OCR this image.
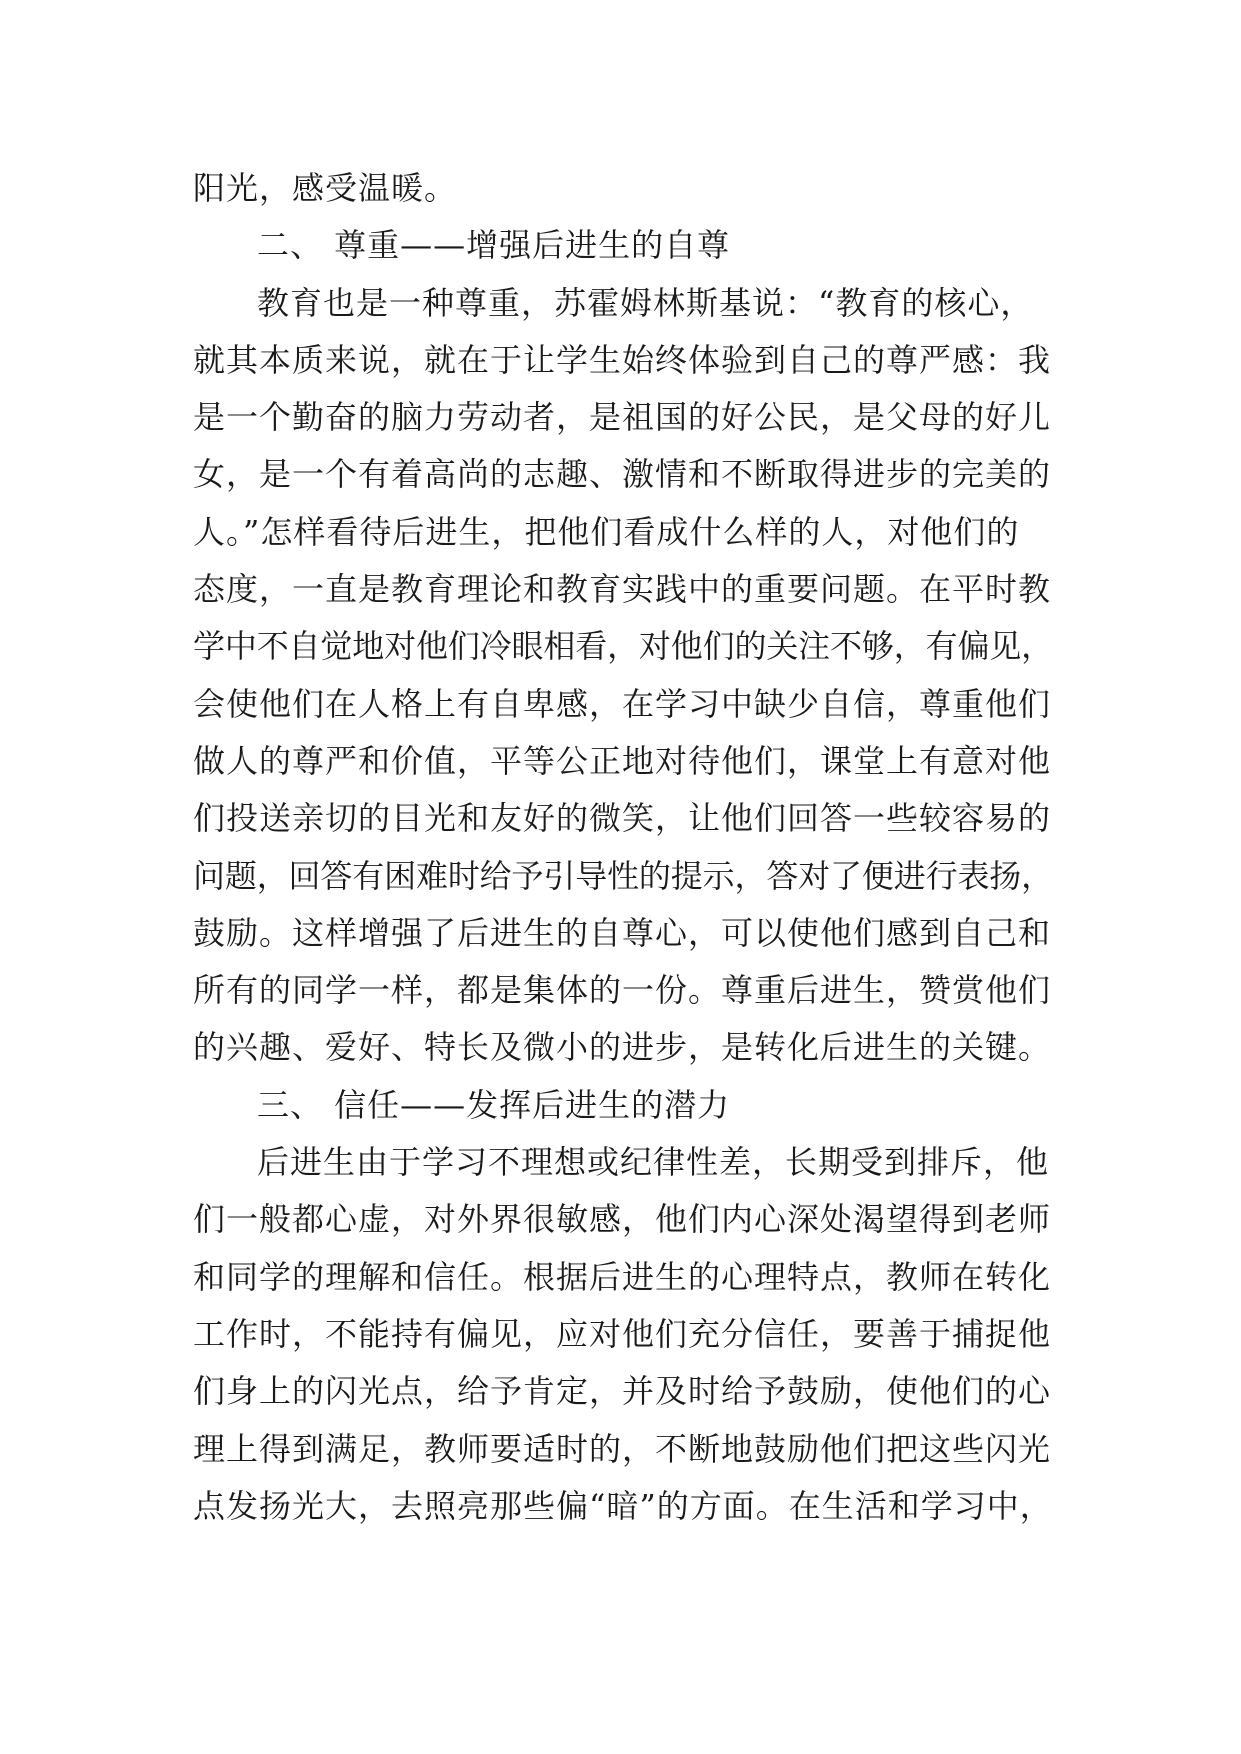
阳光，感受温暖。
二、 尊重——增强后进生的自尊
教育也是一种尊重，苏霍姆林斯基说：“教育的核心，
就其本质来说，就在于让学生始终体验到自己的尊严感：我
是一个勤奋的脑力劳动者，是祖国的好公民，是父母的好儿
女，是一个有着高尚的志趣、激情和不断取得进步的完美的
人。”怎样看待后进生，把他们看成什么样的人，对他们的
态度，一直是教育理论和教育实践中的重要问题。在平时教
学中不自觉地对他们冷眼相看，对他们的关注不够，有偏见，
会使他们在人格上有自卑感，在学习中缺少自信，尊重他们
做人的尊严和价值，平等公正地对待他们，课堂上有意对他
们投送亲切的目光和友好的微笑，让他们回答一些较容易的
问题，回答有困难时给予引导性的提示，答对了便进行表扬，
鼓励。这样增强了后进生的自尊心，可以使他们感到自己和
所有的同学一样，都是集体的一份。尊重后进生，赞赏他们
的兴趣、爱好、特长及微小的进步，是转化后进生的关键。
三、 信任——发挥后进生的潜力
后进生由于学习不理想或纪律性差，长期受到排斥，他
们一般都心虚，对外界很敏感，他们内心深处渴望得到老师
和同学的理解和信任。根据后进生的心理特点，教师在转化
工作时，不能持有偏见，应对他们充分信任，要善于捕捉他
们身上的闪光点，给予肯定，并及时给予鼓励，使他们的心
理上得到满足，教师要适时的，不断地鼓励他们把这些闪光
点发扬光大，去照亮那些偏“暗”的方面。在生活和学习中，
